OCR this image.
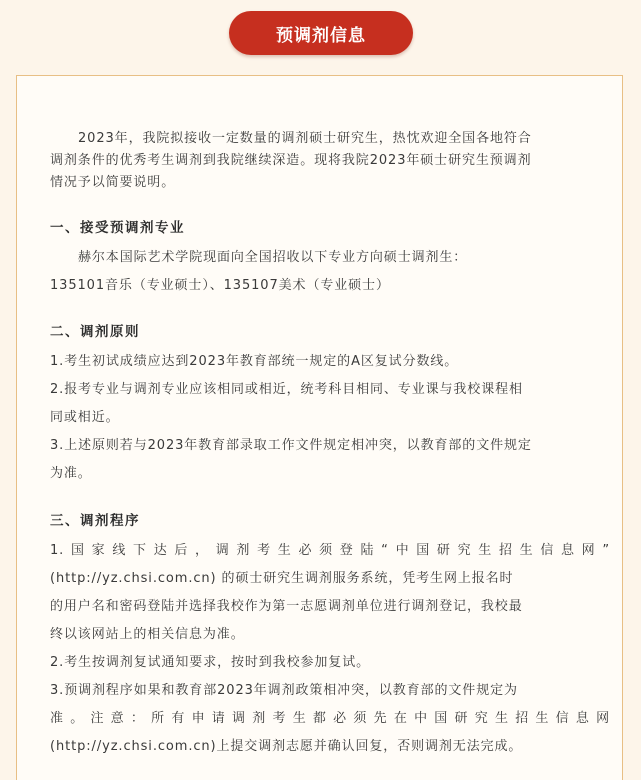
预调剂信息
2023年，我院拟接收一定数量的调剂硕士研究生，热忱欢迎全国各地符合
调剂条件的优秀考生调剂到我院继续深造。现将我院2023年硕士研究生预调剂
情况予以简要说明。
一、接受预调剂专业
赫尔本国际艺术学院现面向全国招收以下专业方向硕士调剂生：
135101音乐（专业硕士）、135107美术（专业硕士）
二、调剂原则
1.考生初试成绩应达到2023年教育部统一规定的A区复试分数线。
2.报考专业与调剂专业应该相同或相近，统考科目相同、专业课与我校课程相
同或相近。
3.上述原则若与2023年教育部录取工作文件规定相冲突，以教育部的文件规定
为准。
三、调剂程序
1.国家线下达后，调剂考生必须登陆“中国研究生招生信息网”
(http://yz.chsi.com.cn) 的硕士研究生调剂服务系统，凭考生网上报名时
的用户名和密码登陆并选择我校作为第一志愿调剂单位进行调剂登记，我校最
终以该网站上的相关信息为准。
2.考生按调剂复试通知要求，按时到我校参加复试。
3.预调剂程序如果和教育部2023年调剂政策相冲突，以教育部的文件规定为
准。注意：所有申请调剂考生都必须先在中国研究生招生信息网
(http://yz.chsi.com.cn)上提交调剂志愿并确认回复，否则调剂无法完成。
